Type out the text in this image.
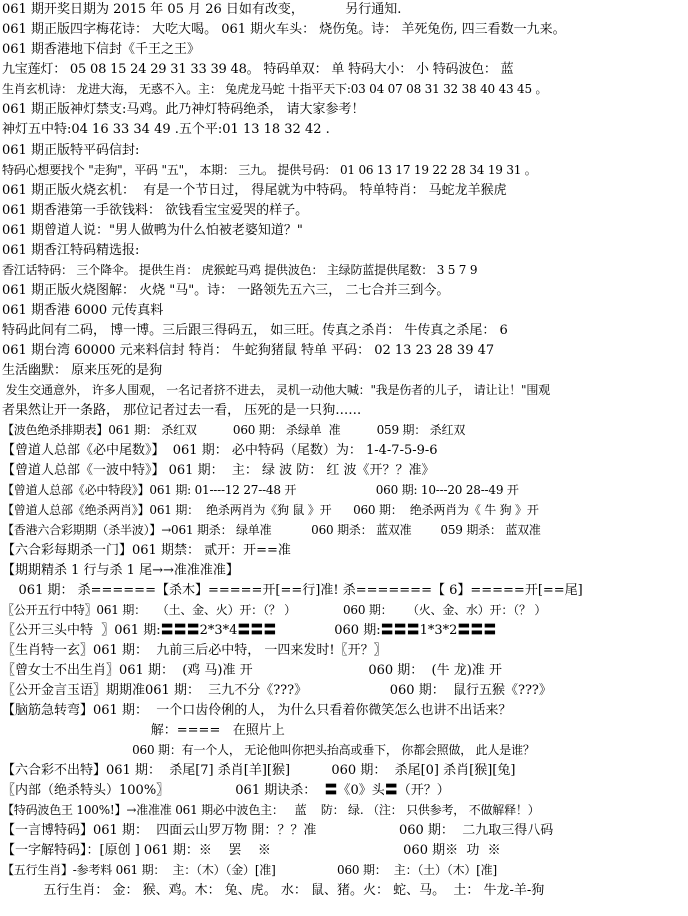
061 期开奖日期为 2015 年 05 月 26 日如有改变，          另行通知.
061 期正版四字梅花诗： 大吃大喝。 061 期火车头： 烧伤兔。诗： 羊死兔伤, 四三看数一九来。
061 期香港地下信封《千王之王》
九宝莲灯： 05 08 15 24 29 31 33 39 48。 特码单双： 单 特码大小： 小 特码波色： 蓝
生肖玄机诗： 龙进大海， 无惑不入。主： 兔虎龙马蛇 十指平天下:03 04 07 08 31 32 38 40 43 45 。
061 期正版神灯禁支:马鸡。此乃神灯特码绝杀， 请大家参考！
神灯五中特:04 16 33 34 49 .五个平:01 13 18 32 42 .
061 期正版特平码信封:
特码心想要找个 "走狗"，平码 "五"， 本期： 三九。 提供号码： 01 06 13 17 19 22 28 34 19 31 。
061 期正版火烧玄机：  有是一个节日过， 得尾就为中特码。 特单特肖： 马蛇龙羊猴虎
061 期香港第一手欲钱料： 欲钱看宝宝爱哭的样子。
061 期曾道人说："男人做鸭为什么怕被老婆知道？"
061 期香江特码精选报:
香江话特码： 三个降伞。 提供生肖： 虎猴蛇马鸡 提供波色： 主绿防蓝提供尾数： 3 5 7 9
061 期正版火烧图解： 火烧 "马"。诗： 一路领先五六三， 二七合并三到今。
061 期香港 6000 元传真料
特码此间有二码， 博一博。三后跟三得码五， 如三旺。传真之杀肖： 牛传真之杀尾： 6
061 期台湾 60000 元来料信封 特肖： 牛蛇狗猪鼠 特单 平码： 02 13 23 28 39 47
生活幽默： 原来压死的是狗
发生交通意外， 许多人围观， 一名记者挤不进去， 灵机一动他大喊："我是伤者的儿子， 请让让！"围观
者果然让开一条路， 那位记者过去一看， 压死的是一只狗……
【波色绝杀排期表】061 期： 杀红双          060 期： 杀绿单  准          059 期： 杀红双
【曾道人总部《必中尾数》】  061 期： 必中特码（尾数）为： 1-4-7-5-9-6
【曾道人总部《一波中特》】 061 期：  主： 绿 波 防： 红 波《开？？准》
【曾道人总部《必中特段》】061 期: 01----12 27--48 开                      060 期: 10---20 28--49 开
【曾道人总部《绝杀两肖》】061 期：  绝杀两肖为《狗 鼠 》开      060 期：  绝杀两肖为《 牛 狗 》开
【香港六合彩期期（杀半波）】→061 期杀： 绿单准           060 期杀： 蓝双准        059 期杀： 蓝双准
【六合彩每期杀一门】061 期禁： 贰开：开==准
【期期精杀 1 行与杀 1 尾→→准准准准】
061 期： 杀======【杀木】=====开[==行]准! 杀=======【 6】=====开[==尾]
〖公开五行中特〗061 期：   （土、金、火）开：（？ ）             060 期：    （火、金、水）开：（？ ）
〖公开三头中特  〗061 期:〓〓〓2*3*4〓〓〓              060 期:〓〓〓1*3*2〓〓〓
〖生肖特一玄〗061 期：  九前三后必中特， 一四来发时!〖开？〗
〖曾女士不出生肖〗061 期：  (鸡 马)准 开                            060 期：  (牛 龙)准 开
〖公开金言玉语〗期期准061 期：  三九不分《???》                    060 期：  鼠行五猴《???》
【脑筋急转弯】061 期：  一个口齿伶俐的人， 为什么只看着你微笑怎么也讲不出话来？
解：====   在照片上
060 期：有一个人， 无论他叫你把头抬高或垂下， 你都会照做， 此人是谁？
【六合彩不出特】061 期：  杀尾[7] 杀肖[羊][猴]          060 期：  杀尾[0] 杀肖[猴][兔]
〖内部（绝杀特头）100%〗                061 期诀杀：  〓《0》头〓（开？）
【特码波色王 100%!】→准准准 061 期必中波色主：   蓝    防： 绿. （注： 只供参考， 不做解释！）
【一言博特码】061 期：  四面云山罗万物 開：？？准                    060 期：  二九取三得八码
【一字解特码】：[原创 ] 061 期：※    罢    ※                                060 期※  功  ※
【五行生肖】-参考料 061 期：  主：（木）（金）[准]                 060 期：  主：（土）（木）[准]
五行生肖： 金： 猴、鸡。木： 兔、虎。 水： 鼠、猪。火： 蛇、马。  土： 牛龙-羊-狗
